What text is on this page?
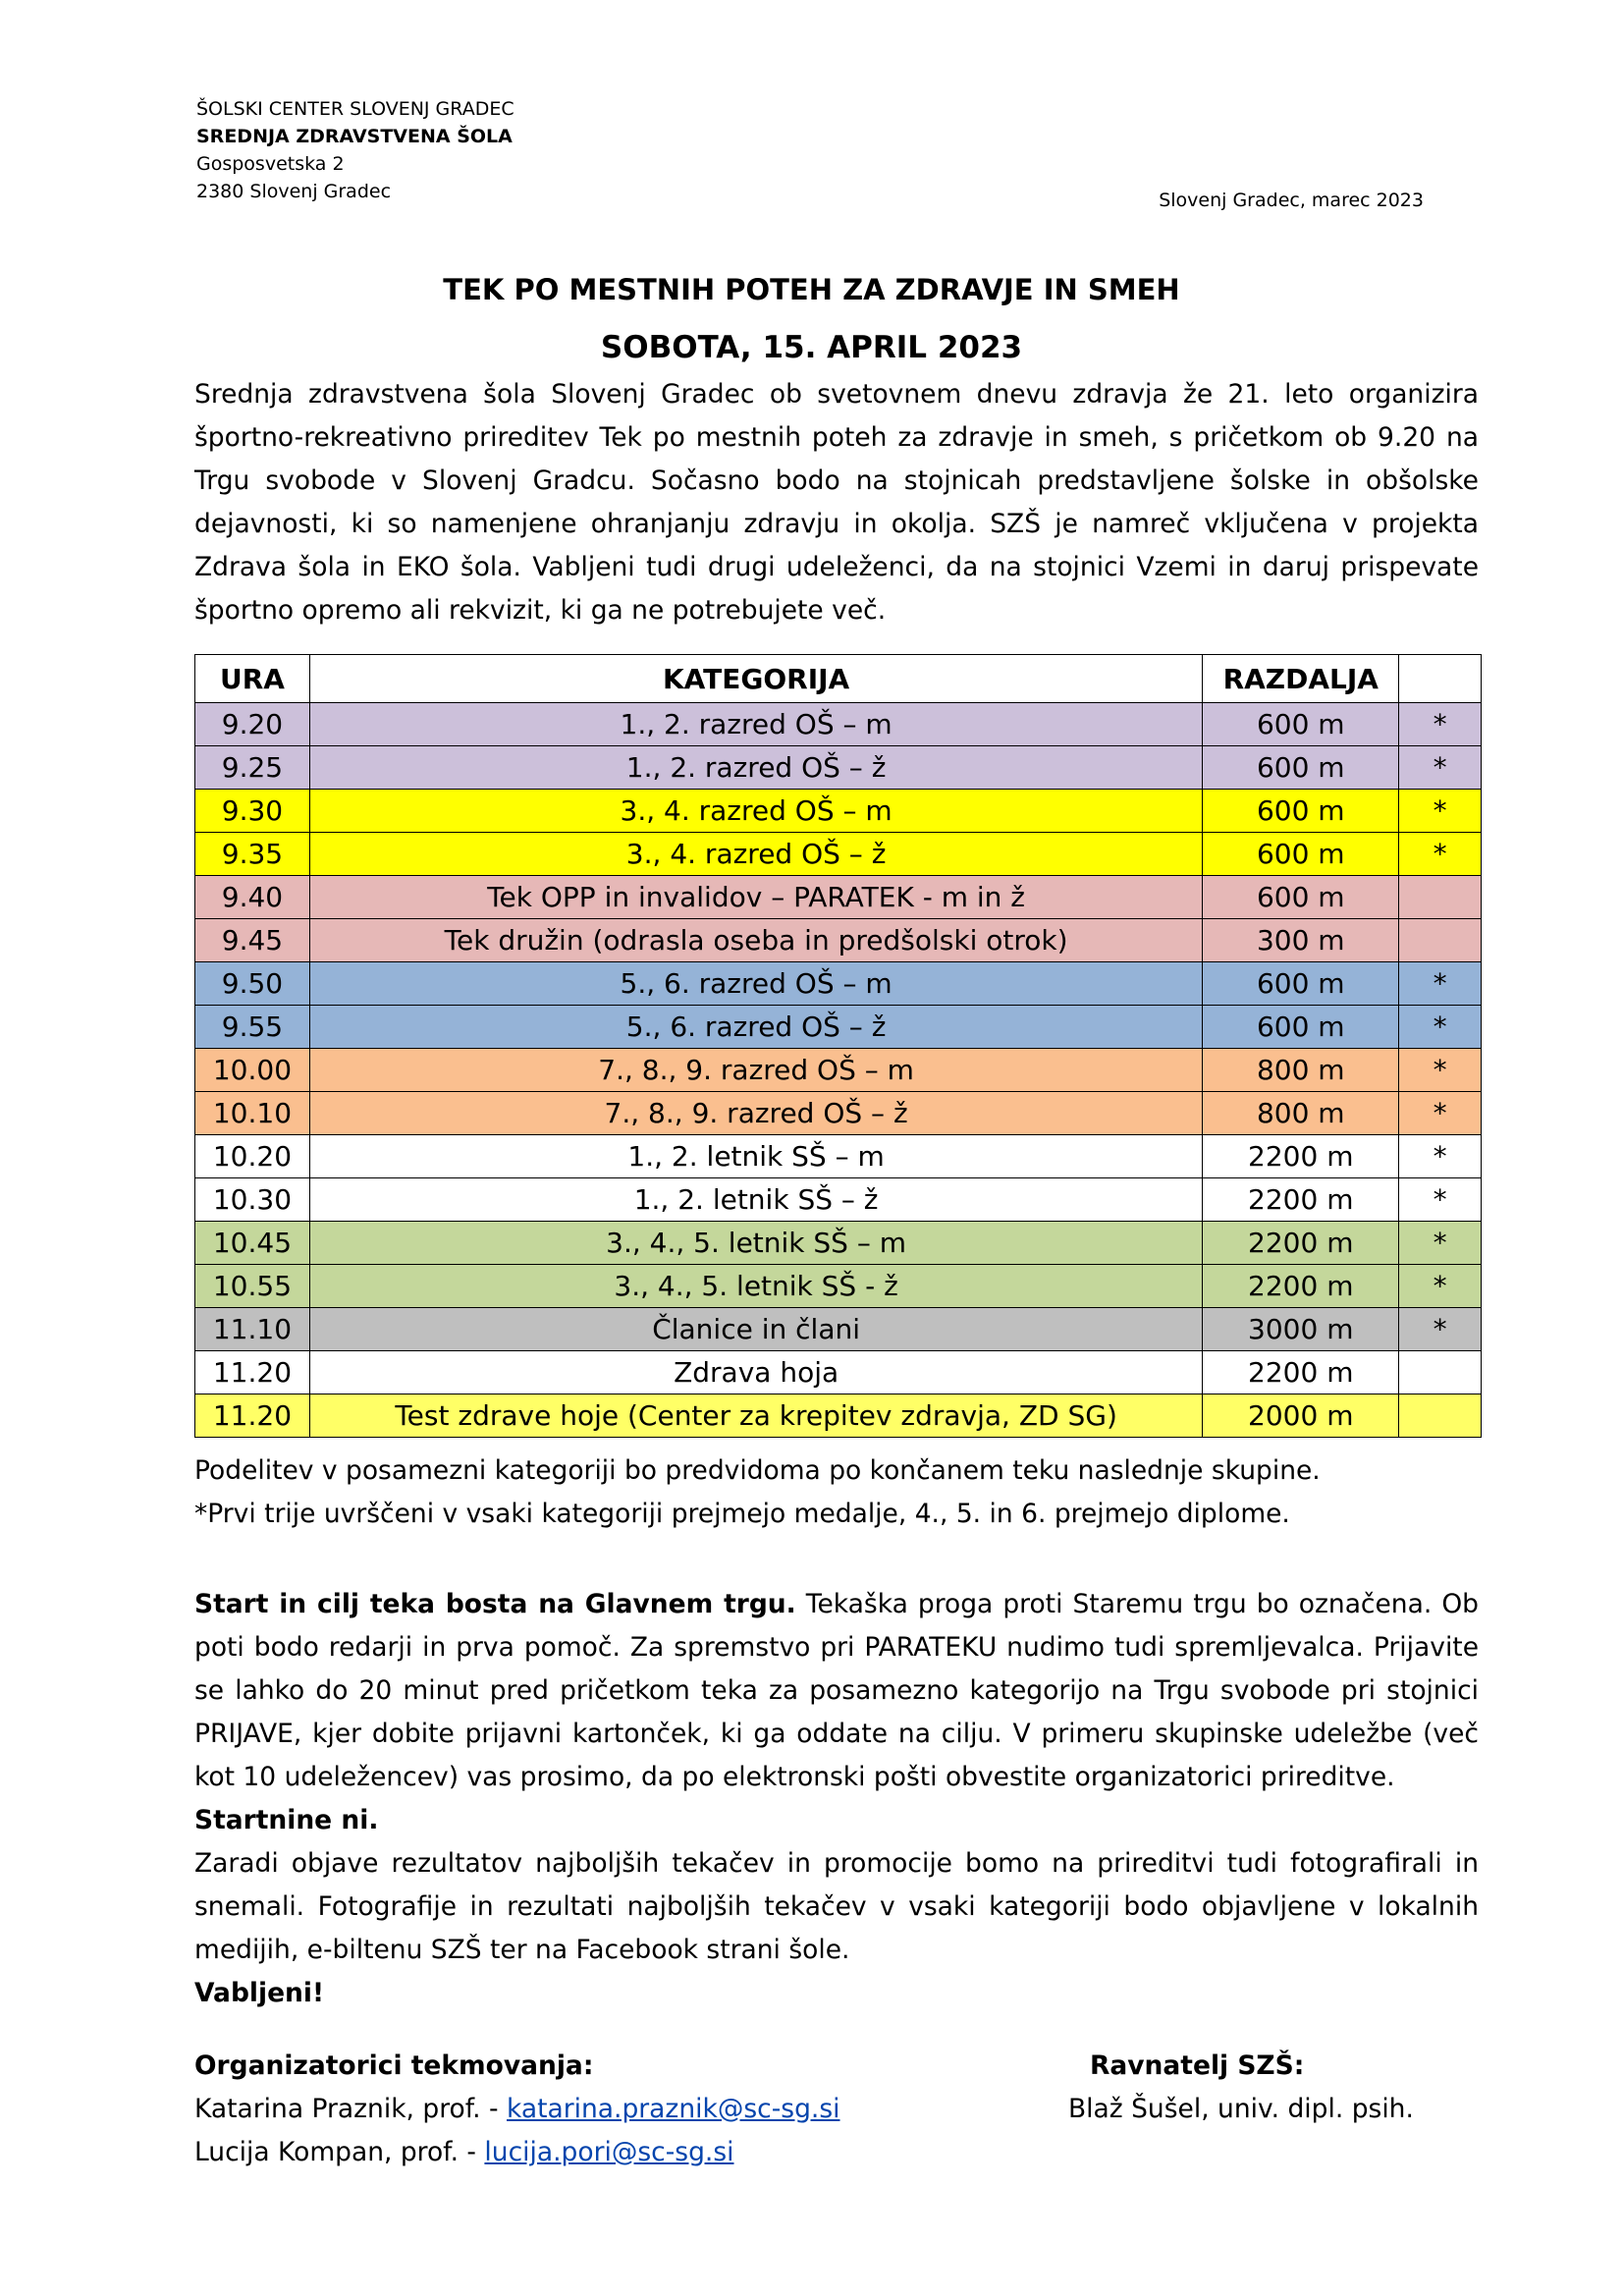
ŠOLSKI CENTER SLOVENJ GRADEC
SREDNJA ZDRAVSTVENA ŠOLA
Gosposvetska 2
2380 Slovenj Gradec	Slovenj Gradec, marec 2023
TEK PO MESTNIH POTEH ZA ZDRAVJE IN SMEH
SOBOTA, 15. APRIL 2023
Srednja zdravstvena šola Slovenj Gradec ob svetovnem dnevu zdravja že 21. leto organizira športno-rekreativno prireditev Tek po mestnih poteh za zdravje in smeh, s pričetkom ob 9.20 na Trgu svobode v Slovenj Gradcu. Sočasno bodo na stojnicah predstavljene šolske in obšolske dejavnosti, ki so namenjene ohranjanju zdravju in okolja. SZŠ je namreč vključena v projekta Zdrava šola in EKO šola. Vabljeni tudi drugi udeleženci, da na stojnici Vzemi in daruj prispevate športno opremo ali rekvizit, ki ga ne potrebujete več.
URA	KATEGORIJA	RAZDALJA	
9.20	1., 2. razred OŠ – m	600 m	*
9.25	1., 2. razred OŠ – ž	600 m	*
9.30	3., 4. razred OŠ – m	600 m	*
9.35	3., 4. razred OŠ – ž	600 m	*
9.40	Tek OPP in invalidov – PARATEK - m in ž	600 m	
9.45	Tek družin (odrasla oseba in predšolski otrok)	300 m	
9.50	5., 6. razred OŠ – m	600 m	*
9.55	5., 6. razred OŠ – ž	600 m	*
10.00	7., 8., 9. razred OŠ – m	800 m	*
10.10	7., 8., 9. razred OŠ – ž	800 m	*
10.20	1., 2. letnik SŠ – m	2200 m	*
10.30	1., 2. letnik SŠ – ž	2200 m	*
10.45	3., 4., 5. letnik SŠ – m	2200 m	*
10.55	3., 4., 5. letnik SŠ - ž	2200 m	*
11.10	Članice in člani	3000 m	*
11.20	Zdrava hoja	2200 m	
11.20	Test zdrave hoje (Center za krepitev zdravja, ZD SG)	2000 m	
Podelitev v posamezni kategoriji bo predvidoma po končanem teku naslednje skupine.
*Prvi trije uvrščeni v vsaki kategoriji prejmejo medalje, 4., 5. in 6. prejmejo diplome.
Start in cilj teka bosta na Glavnem trgu. Tekaška proga proti Staremu trgu bo označena. Ob poti bodo redarji in prva pomoč. Za spremstvo pri PARATEKU nudimo tudi spremljevalca. Prijavite se lahko do 20 minut pred pričetkom teka za posamezno kategorijo na Trgu svobode pri stojnici PRIJAVE, kjer dobite prijavni kartonček, ki ga oddate na cilju. V primeru skupinske udeležbe (več kot 10 udeležencev) vas prosimo, da po elektronski pošti obvestite organizatorici prireditve.
Startnine ni.
Zaradi objave rezultatov najboljših tekačev in promocije bomo na prireditvi tudi fotografirali in snemali. Fotografije in rezultati najboljših tekačev v vsaki kategoriji bodo objavljene v lokalnih medijih, e-biltenu SZŠ ter na Facebook strani šole.
Vabljeni!
Organizatorici tekmovanja:
Katarina Praznik, prof. - katarina.praznik@sc-sg.si
Lucija Kompan, prof. - lucija.pori@sc-sg.si
Ravnatelj SZŠ:
Blaž Šušel, univ. dipl. psih.
